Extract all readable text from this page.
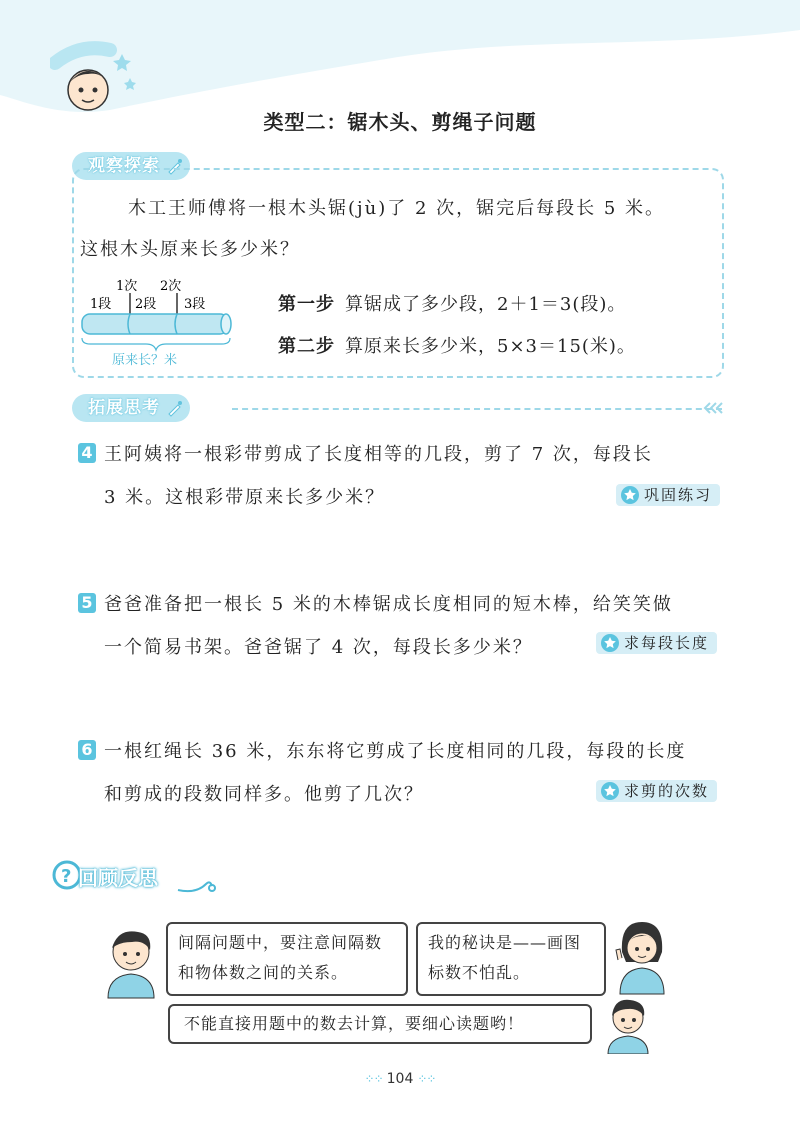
类型二：锯木头、剪绳子问题
观察探索
木工王师傅将一根木头锯(jù)了 2 次，锯完后每段长 5 米。
这根木头原来长多少米？
1次 2次
1段 2段 3段
原来长？米
第一步 算锯成了多少段，2＋1＝3(段)。
第二步 算原来长多少米，5×3＝15(米)。
拓展思考
4 王阿姨将一根彩带剪成了长度相等的几段，剪了 7 次，每段长
3 米。这根彩带原来长多少米？	巩固练习
5 爸爸准备把一根长 5 米的木棒锯成长度相同的短木棒，给笑笑做
一个简易书架。爸爸锯了 4 次，每段长多少米？	求每段长度
6 一根红绳长 36 米，东东将它剪成了长度相同的几段，每段的长度
和剪成的段数同样多。他剪了几次？	求剪的次数
? 回顾反思
间隔问题中，要注意间隔数
和物体数之间的关系。
我的秘诀是——画图
标数不怕乱。
不能直接用题中的数去计算，要细心读题哟！
⁘⁘ 104 ⁘⁘
